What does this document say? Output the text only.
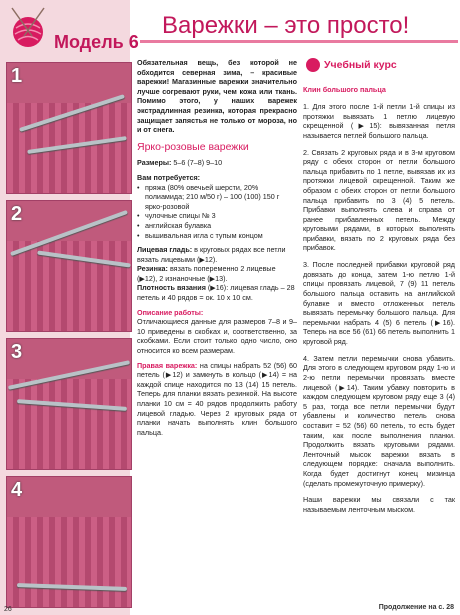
Модель 6
1
2
3
4
Варежки – это просто!

Обязательная вещь, без которой не обходится северная зима, – красивые варежки! Магазинные варежки значительно лучше согревают руки, чем кожа или ткань. Помимо этого, у наших варежек экстрадлинная резинка, которая прекрасно защищает запястья не только от мороза, но и от снега.

Ярко-розовые варежки

Размеры: 5–6 (7–8) 9–10

Вам потребуется:

• пряжа (80% овечьей шерсти, 20% полиамида; 210 м/50 г) – 100 (100) 150 г ярко-розовой
• чулочные спицы № 3
• английская булавка
• вышивальная игла с тупым концом

Лицевая гладь: в круговых рядах все петли вязать лицевыми (▶12).

Резинка: вязать попеременно 2 лицевые (▶12), 2 изнаночные (▶13).

Плотность вязания (▶16): лицевая гладь – 28 петель и 40 рядов = ок. 10 x 10 см.

Описание работы:

Отличающиеся данные для размеров 7–8 и 9–10 приведены в скобках и, соответственно, за скобками. Если стоит только одно число, оно относится ко всем размерам.

Правая варежка: на спицы набрать 52 (56) 60 петель (▶12) и замкнуть в кольцо (▶14) = на каждой спице находится по 13 (14) 15 петель. Теперь для планки вязать резинкой. На высоте планки 10 см = 40 рядов продолжить работу лицевой гладью. Через 2 круговых ряда от планки начать выполнять клин большого пальца.

Учебный курс

Клин большого пальца

1. Для этого после 1-й петли 1-й спицы из протяжки вывязать 1 петлю лицевую скрещенной (▶15): вывязанная петля называется петлей большого пальца.

2. Связать 2 круговых ряда и в 3-м круговом ряду с обеих сторон от петли большого пальца прибавить по 1 петле, вывязав их из протяжки лицевой скрещенной. Таким же образом с обеих сторон от петли большого пальца прибавить по 3 (4) 5 петель. Прибавки выполнять слева и справа от ранее прибавленных петель. Между круговыми рядами, в которых выполнять прибавки, вязать по 2 круговых ряда без прибавок.

3. После последней прибавки круговой ряд довязать до конца, затем 1-ю петлю 1-й спицы провязать лицевой, 7 (9) 11 петель большого пальца оставить на английской булавке и вместо отложенных петель вывязать перемычку большого пальца. Для перемычки набрать 4 (5) 6 петель (▶16). Теперь на все 56 (61) 66 петель выполнить 1 круговой ряд.

4. Затем петли перемычки снова убавить. Для этого в следующем круговом ряду 1-ю и 2-ю петли перемычки провязать вместе лицевой (▶14). Таким убавку повторить в каждом следующем круговом ряду еще 3 (4) 5 раз, тогда все петли перемычки будут убавлены и количество петель снова составит = 52 (56) 60 петель, то есть будет таким, как после выполнения планки. Продолжить вязать круговыми рядами. Ленточный мысок варежки вязать в следующем порядке: сначала выполнить. Когда будет достигнут конец мизинца (сделать промежуточную примерку).

Наши варежки мы связали с так называемым ленточным мыском.

26	Продолжение на с. 28
